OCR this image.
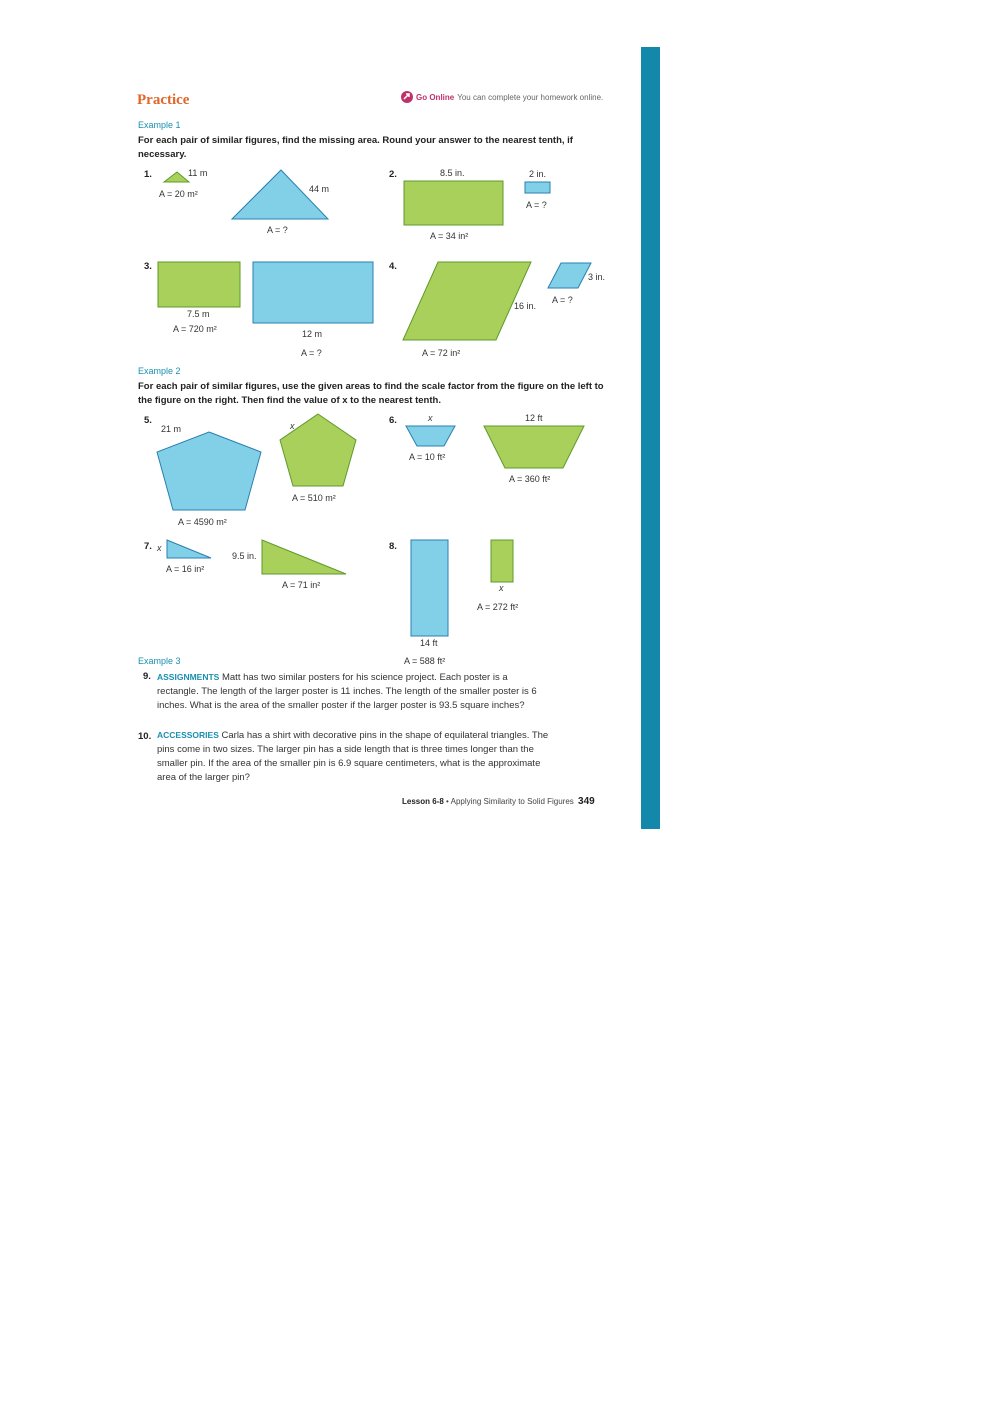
Practice	Go Online You can complete your homework online.
Example 1
For each pair of similar figures, find the missing area. Round your answer to the nearest tenth, if necessary.
Example 2
For each pair of similar figures, use the given areas to find the scale factor from the figure on the left to the figure on the right. Then find the value of x to the nearest tenth.
1.	11 m
A = 20 m²	44 m
A = ?
2.	8.5 in.
A = 34 in²
2 in.
A = ?
3.
7.5 m
A = 720 m²	12 m
A = ?
4.
16 in.
A = 72 in²
3 in.
A = ?
5.
21 m
A = 4590 m²
x
A = 510 m²
6.	x
A = 10 ft²
12 ft
A = 360 ft²
7. x
A = 16 in²
9.5 in.
A = 71 in²
8.
14 ft
A = 588 ft²
x
A = 272 ft²
Example 3
9. ASSIGNMENTS Matt has two similar posters for his science project. Each poster is a rectangle. The length of the larger poster is 11 inches. The length of the smaller poster is 6 inches. What is the area of the smaller poster if the larger poster is 93.5 square inches?
10. ACCESSORIES Carla has a shirt with decorative pins in the shape of equilateral triangles. The pins come in two sizes. The larger pin has a side length that is three times longer than the smaller pin. If the area of the smaller pin is 6.9 square centimeters, what is the approximate area of the larger pin?
Lesson 6-8 • Applying Similarity to Solid Figures 349
